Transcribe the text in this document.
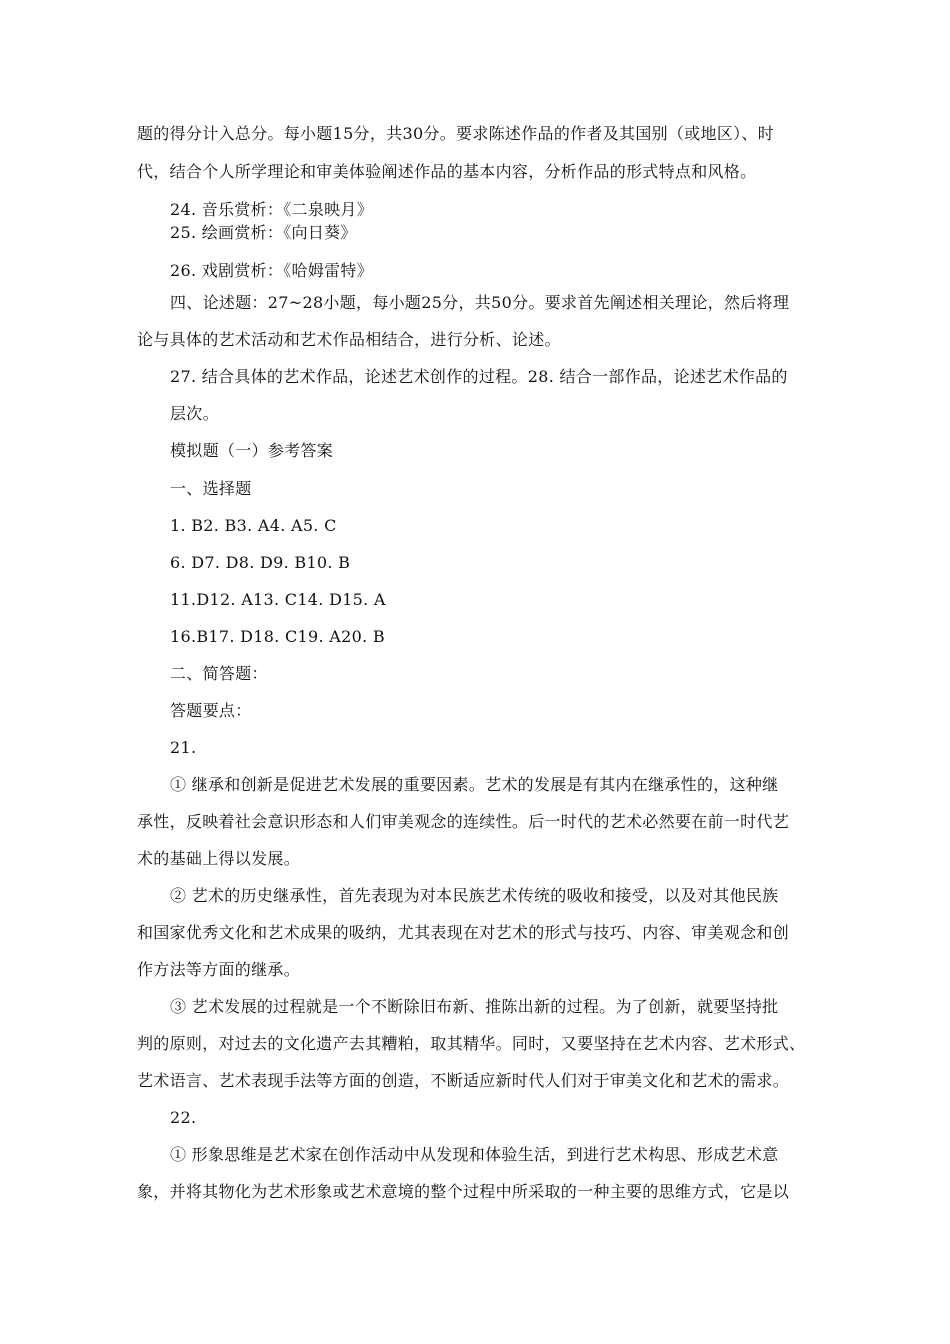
题的得分计入总分。每小题15分，共30分。要求陈述作品的作者及其国别（或地区）、时
代，结合个人所学理论和审美体验阐述作品的基本内容，分析作品的形式特点和风格。
24. 音乐赏析：《二泉映月》
25. 绘画赏析：《向日葵》
26. 戏剧赏析：《哈姆雷特》
四、论述题：27~28小题，每小题25分，共50分。要求首先阐述相关理论，然后将理
论与具体的艺术活动和艺术作品相结合，进行分析、论述。
27. 结合具体的艺术作品，论述艺术创作的过程。28. 结合一部作品，论述艺术作品的
层次。
模拟题（一）参考答案
一、选择题
1. B2. B3. A4. A5. C
6. D7. D8. D9. B10. B
11.D12. A13. C14. D15. A
16.B17. D18. C19. A20. B
二、简答题：
答题要点：
21.
① 继承和创新是促进艺术发展的重要因素。艺术的发展是有其内在继承性的，这种继
承性，反映着社会意识形态和人们审美观念的连续性。后一时代的艺术必然要在前一时代艺
术的基础上得以发展。
② 艺术的历史继承性，首先表现为对本民族艺术传统的吸收和接受，以及对其他民族
和国家优秀文化和艺术成果的吸纳，尤其表现在对艺术的形式与技巧、内容、审美观念和创
作方法等方面的继承。
③ 艺术发展的过程就是一个不断除旧布新、推陈出新的过程。为了创新，就要坚持批
判的原则，对过去的文化遗产去其糟粕，取其精华。同时，又要坚持在艺术内容、艺术形式、
艺术语言、艺术表现手法等方面的创造，不断适应新时代人们对于审美文化和艺术的需求。
22.
① 形象思维是艺术家在创作活动中从发现和体验生活，到进行艺术构思、形成艺术意
象，并将其物化为艺术形象或艺术意境的整个过程中所采取的一种主要的思维方式，它是以
